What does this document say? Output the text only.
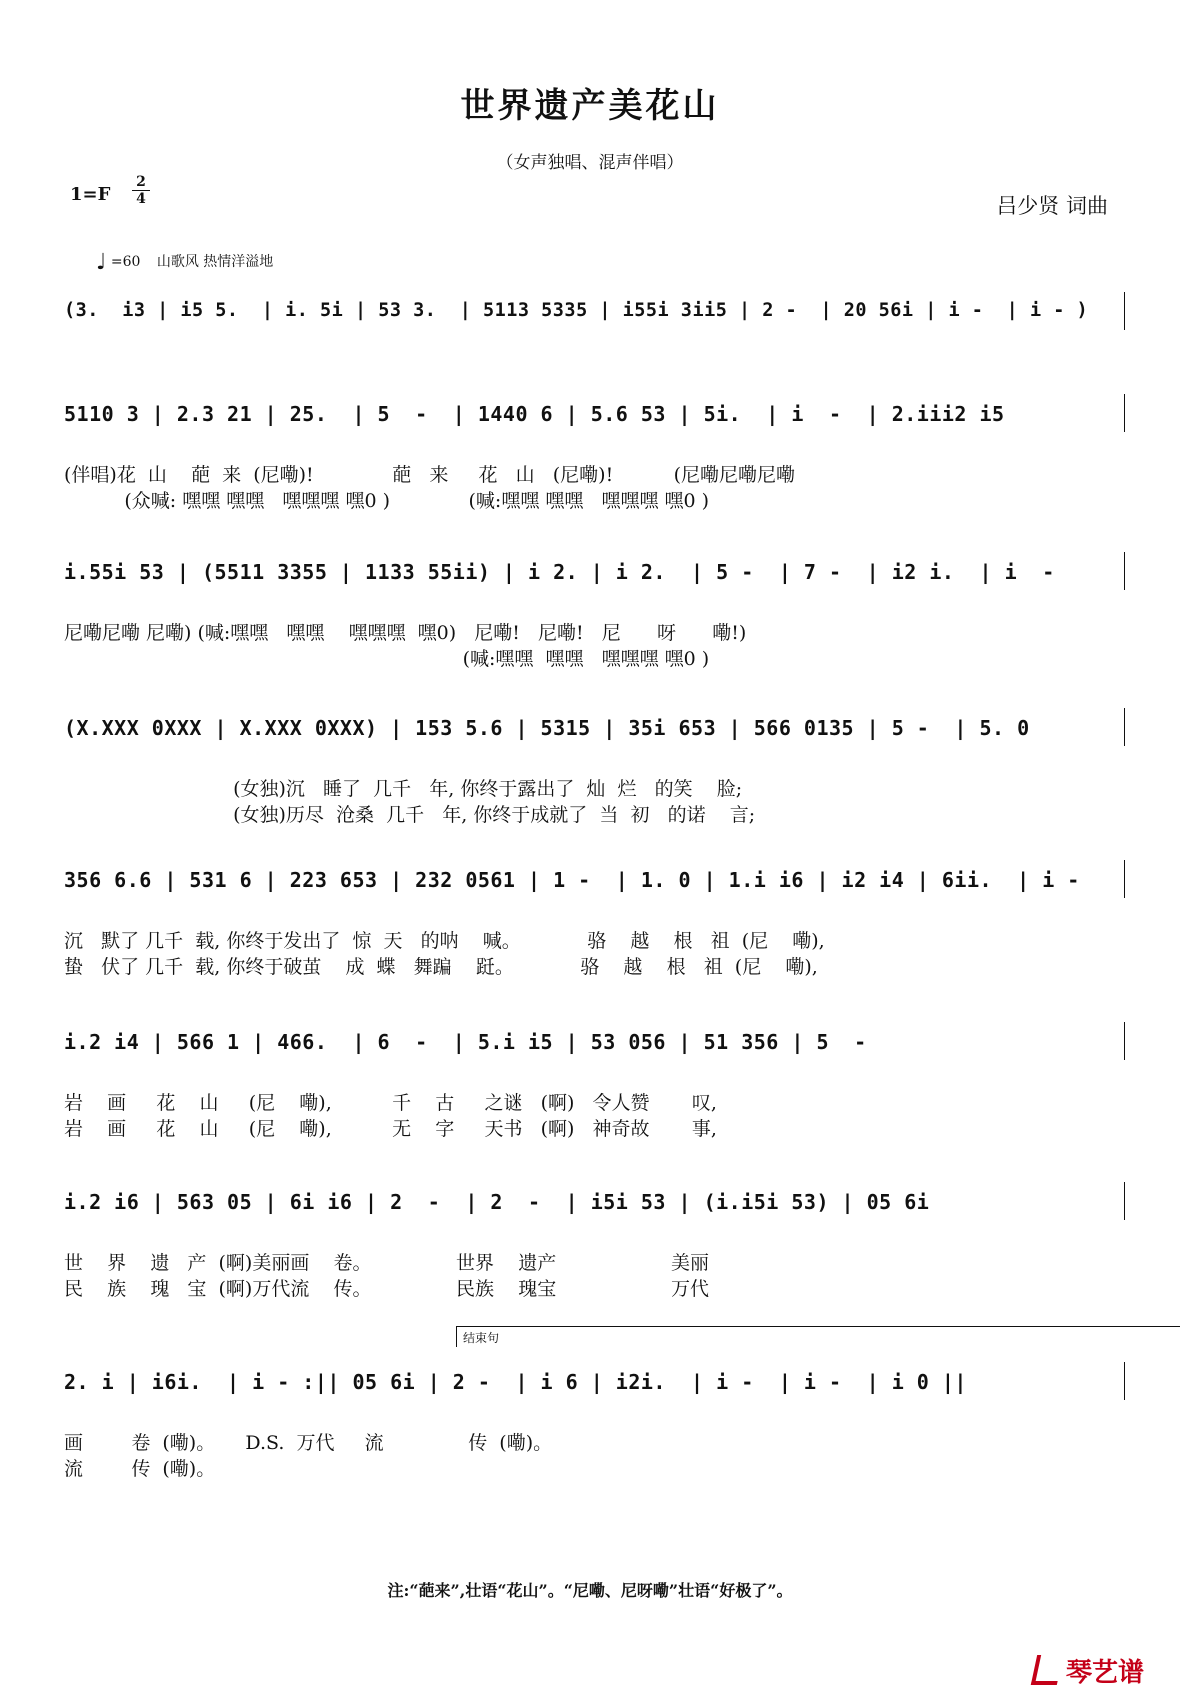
世界遗产美花山
（女声独唱、混声伴唱）
1=F
2
4	吕少贤 词曲
♩ =60 山歌风 热情洋溢地
(3.  i3 | i5 5.  | i. 5i | 53 3.  | 5113 5335 | i55i 3ii5 | 2 -  | 20 56i | i -  | i - )
5110 3 | 2.3 21 | 25.  | 5  -  | 1440 6 | 5.6 53 | 5i.  | i  -  | 2.iii2 i5
(伴唱)花  山    葩  来  (尼嘞)!             葩   来     花   山   (尼嘞)!          (尼嘞尼嘞尼嘞
(众喊: 嘿嘿 嘿嘿   嘿嘿嘿 嘿0 )             (喊:嘿嘿 嘿嘿   嘿嘿嘿 嘿0 )
i.55i 53 | (5511 3355 | 1133 55ii) | i 2. | i 2.  | 5 -  | 7 -  | i2 i.  | i  -
尼嘞尼嘞 尼嘞) (喊:嘿嘿   嘿嘿    嘿嘿嘿  嘿0)   尼嘞!   尼嘞!   尼      呀      嘞!)
(喊:嘿嘿  嘿嘿   嘿嘿嘿 嘿0 )
(X.XXX 0XXX | X.XXX 0XXX) | 153 5.6 | 5315 | 35i 653 | 566 0135 | 5 -  | 5. 0
(女独)沉   睡了  几千   年, 你终于露出了  灿  烂   的笑    脸;
(女独)历尽  沧桑  几千   年, 你终于成就了  当  初   的诺    言;
356 6.6 | 531 6 | 223 653 | 232 0561 | 1 -  | 1. 0 | 1.i i6 | i2 i4 | 6ii.  | i -
沉   默了 几千  载, 你终于发出了  惊  天   的呐    喊。           骆    越    根   祖  (尼    嘞),
蛰   伏了 几千  载, 你终于破茧    成  蝶   舞蹁    跹。           骆    越    根   祖  (尼    嘞),
i.2 i4 | 566 1 | 466.  | 6  -  | 5.i i5 | 53 056 | 51 356 | 5  -
岩    画     花    山     (尼    嘞),          千    古     之谜   (啊)   令人赞       叹,
岩    画     花    山     (尼    嘞),          无    字     天书   (啊)   神奇故       事,
i.2 i6 | 563 05 | 6i i6 | 2  -  | 2  -  | i5i 53 | (i.i5i 53) | 05 6i
世    界    遗   产  (啊)美丽画    卷。              世界    遗产                   美丽
民    族    瑰   宝  (啊)万代流    传。              民族    瑰宝                   万代
结束句
2. i | i6i.  | i - :|| 05 6i | 2 -  | i 6 | i2i.  | i -  | i -  | i 0 ||
画        卷  (嘞)。     D.S.  万代     流              传  (嘞)。
流        传  (嘞)。
注:“葩来”,壮语“花山”。“尼嘞、尼呀嘞”壮语“好极了”。
琴艺谱
